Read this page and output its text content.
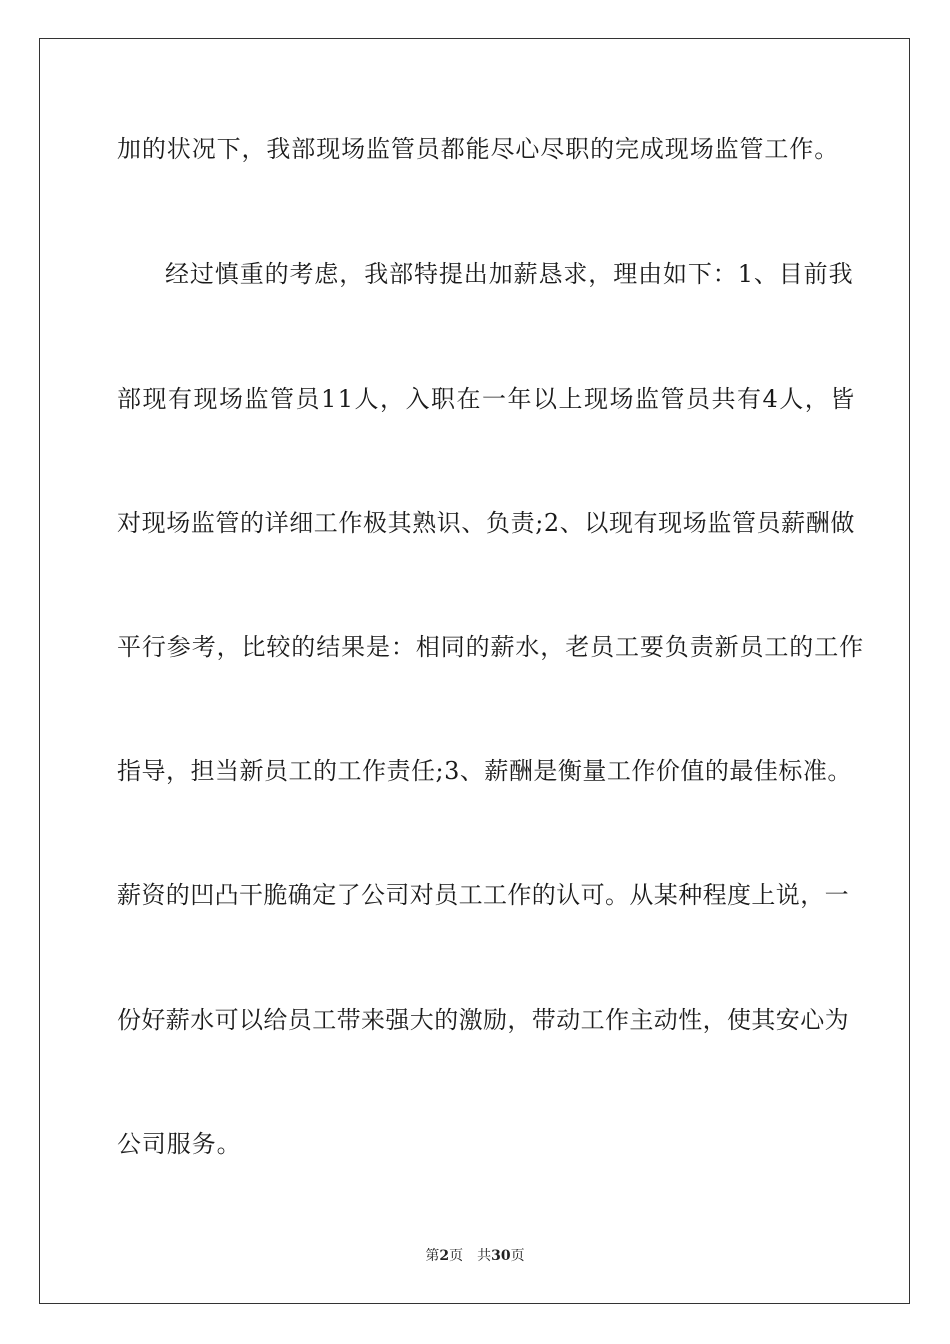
加的状况下，我部现场监管员都能尽心尽职的完成现场监管工作。
经过慎重的考虑，我部特提出加薪恳求，理由如下：1、目前我
部现有现场监管员11人，入职在一年以上现场监管员共有4人，皆
对现场监管的详细工作极其熟识、负责;2、以现有现场监管员薪酬做
平行参考，比较的结果是：相同的薪水，老员工要负责新员工的工作
指导，担当新员工的工作责任;3、薪酬是衡量工作价值的最佳标准。
薪资的凹凸干脆确定了公司对员工工作的认可。从某种程度上说，一
份好薪水可以给员工带来强大的激励，带动工作主动性，使其安心为
公司服务。
第2页 共30页
